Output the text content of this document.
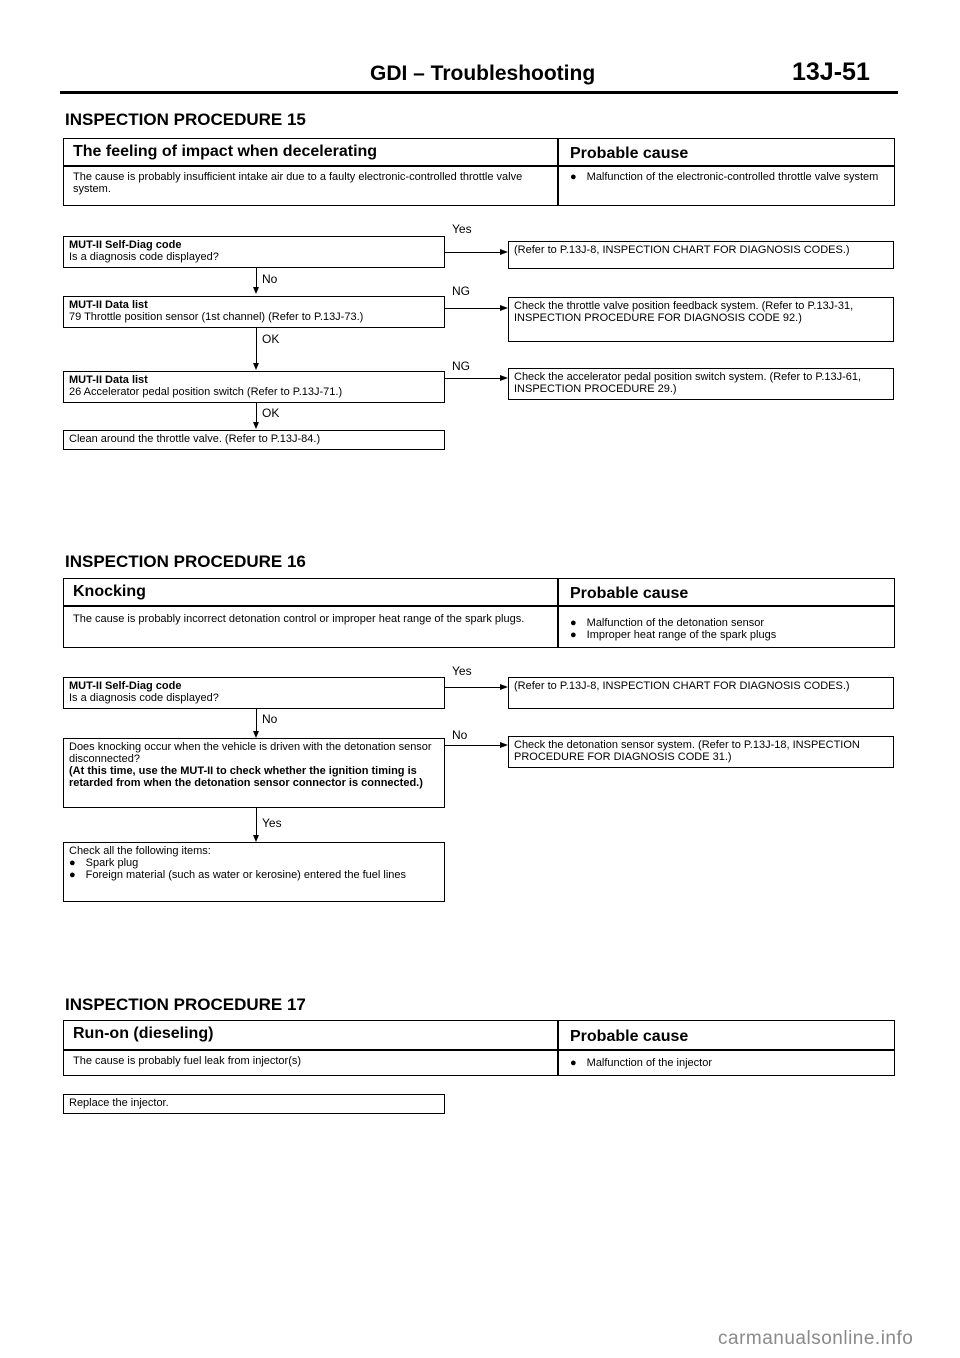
GDI – Troubleshooting	13J-51
INSPECTION PROCEDURE 15
The feeling of impact when decelerating	Probable cause
The cause is probably insufficient intake air due to a faulty electronic-controlled throttle valve system.
● Malfunction of the electronic-controlled throttle valve system
MUT-II Self-Diag code
Is a diagnosis code displayed?
Yes
(Refer to P.13J-8, INSPECTION CHART FOR DIAGNOSIS CODES.)
No
MUT-II Data list
79 Throttle position sensor (1st channel) (Refer to P.13J-73.)
NG
Check the throttle valve position feedback system. (Refer to P.13J-31, INSPECTION PROCEDURE FOR DIAGNOSIS CODE 92.)
OK
MUT-II Data list
26 Accelerator pedal position switch (Refer to P.13J-71.)
NG
Check the accelerator pedal position switch system. (Refer to P.13J-61, INSPECTION PROCEDURE 29.)
OK
Clean around the throttle valve. (Refer to P.13J-84.)
INSPECTION PROCEDURE 16
Knocking	Probable cause
The cause is probably incorrect detonation control or improper heat range of the spark plugs.	● Malfunction of the detonation sensor
● Improper heat range of the spark plugs
MUT-II Self-Diag code
Is a diagnosis code displayed?
Yes
(Refer to P.13J-8, INSPECTION CHART FOR DIAGNOSIS CODES.)
No
Does knocking occur when the vehicle is driven with the detonation sensor disconnected?
(At this time, use the MUT-II to check whether the ignition timing is retarded from when the detonation sensor connector is connected.)
No
Check the detonation sensor system. (Refer to P.13J-18, INSPECTION PROCEDURE FOR DIAGNOSIS CODE 31.)
Yes
Check all the following items:
● Spark plug
● Foreign material (such as water or kerosine) entered the fuel lines
INSPECTION PROCEDURE 17
Run-on (dieseling)	Probable cause
The cause is probably fuel leak from injector(s)	● Malfunction of the injector
Replace the injector.
carmanualsonline.info
